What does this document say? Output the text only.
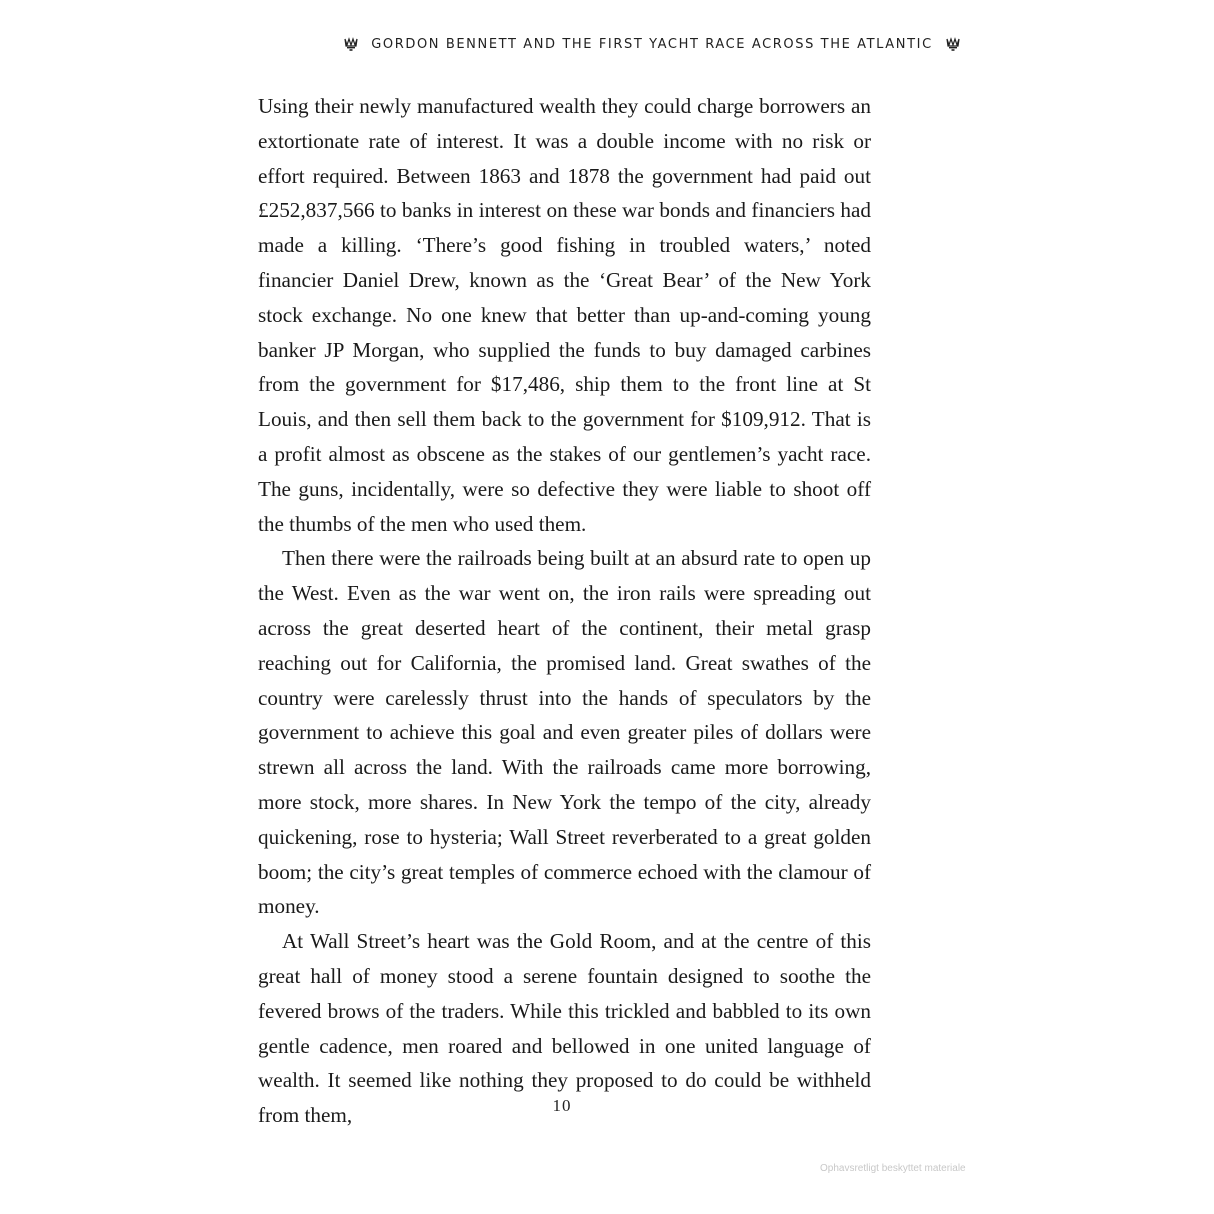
GORDON BENNETT AND THE FIRST YACHT RACE ACROSS THE ATLANTIC

Using their newly manufactured wealth they could charge borrowers an extortionate rate of interest. It was a double income with no risk or effort required. Between 1863 and 1878 the government had paid out £252,837,566 to banks in interest on these war bonds and financiers had made a killing. ‘There’s good fishing in troubled waters,’ noted financier Daniel Drew, known as the ‘Great Bear’ of the New York stock exchange. No one knew that better than up-and-coming young banker JP Morgan, who supplied the funds to buy damaged carbines from the government for $17,486, ship them to the front line at St Louis, and then sell them back to the government for $109,912. That is a profit almost as obscene as the stakes of our gentlemen’s yacht race. The guns, incidentally, were so defective they were liable to shoot off the thumbs of the men who used them.

Then there were the railroads being built at an absurd rate to open up the West. Even as the war went on, the iron rails were spreading out across the great deserted heart of the continent, their metal grasp reaching out for California, the promised land. Great swathes of the country were carelessly thrust into the hands of speculators by the government to achieve this goal and even greater piles of dollars were strewn all across the land. With the railroads came more borrowing, more stock, more shares. In New York the tempo of the city, already quickening, rose to hysteria; Wall Street reverberated to a great golden boom; the city’s great temples of commerce echoed with the clamour of money.

At Wall Street’s heart was the Gold Room, and at the centre of this great hall of money stood a serene fountain designed to soothe the fevered brows of the traders. While this trickled and babbled to its own gentle cadence, men roared and bellowed in one united language of wealth. It seemed like nothing they proposed to do could be withheld from them,	10
Ophavsretligt beskyttet materiale
